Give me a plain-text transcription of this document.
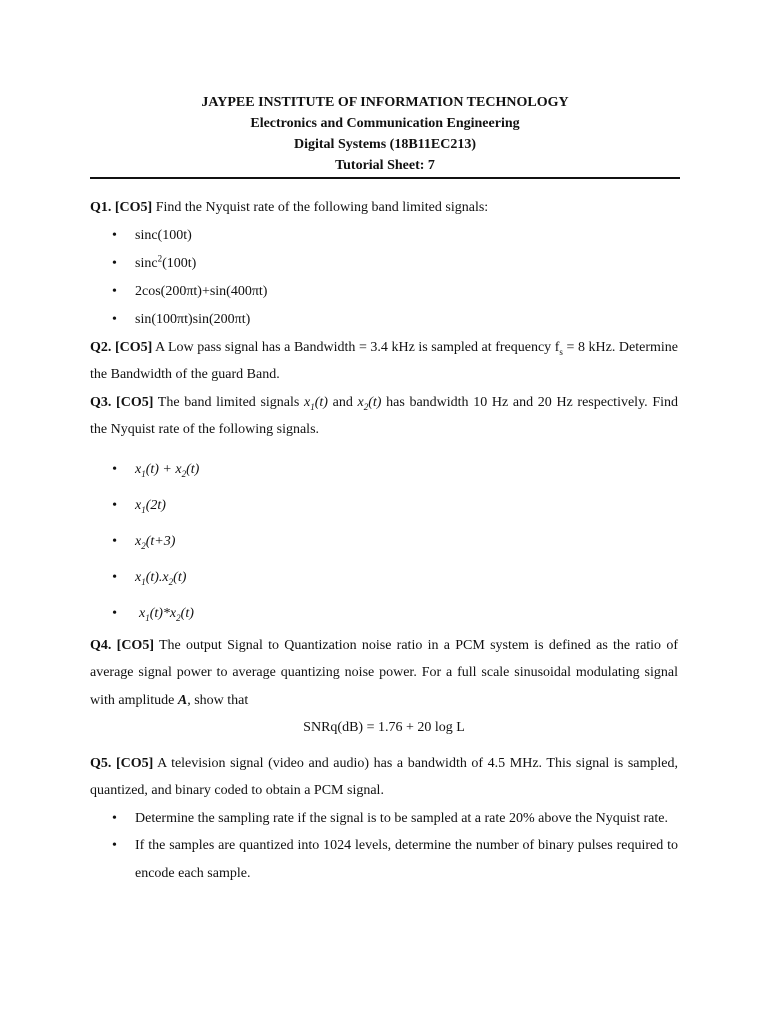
JAYPEE INSTITUTE OF INFORMATION TECHNOLOGY
Electronics and Communication Engineering
Digital Systems (18B11EC213)
Tutorial Sheet: 7

Q1. [CO5] Find the Nyquist rate of the following band limited signals:

• sinc(100t)
• sinc$^2$(100t)
• 2cos(200πt)+sin(400πt)
• sin(100πt)sin(200πt)

Q2. [CO5] A Low pass signal has a Bandwidth = 3.4 kHz is sampled at frequency $f_s = 8$ kHz. Determine the Bandwidth of the guard Band.

Q3. [CO5] The band limited signals $x_1(t)$ and $x_2(t)$ has bandwidth 10 Hz and 20 Hz respectively. Find the Nyquist rate of the following signals.

• $x_1(t) + x_2(t)$
• $x_1(2t)$
• $x_2(t+3)$
• $x_1(t).x_2(t)$
• $x_1(t)*x_2(t)$

Q4. [CO5] The output Signal to Quantization noise ratio in a PCM system is defined as the ratio of average signal power to average quantizing noise power. For a full scale sinusoidal modulating signal with amplitude A, show that

SNRq(dB) = 1.76 + 20 log L

Q5. [CO5] A television signal (video and audio) has a bandwidth of 4.5 MHz. This signal is sampled, quantized, and binary coded to obtain a PCM signal.

• Determine the sampling rate if the signal is to be sampled at a rate 20% above the Nyquist rate.
• If the samples are quantized into 1024 levels, determine the number of binary pulses required to encode each sample.
